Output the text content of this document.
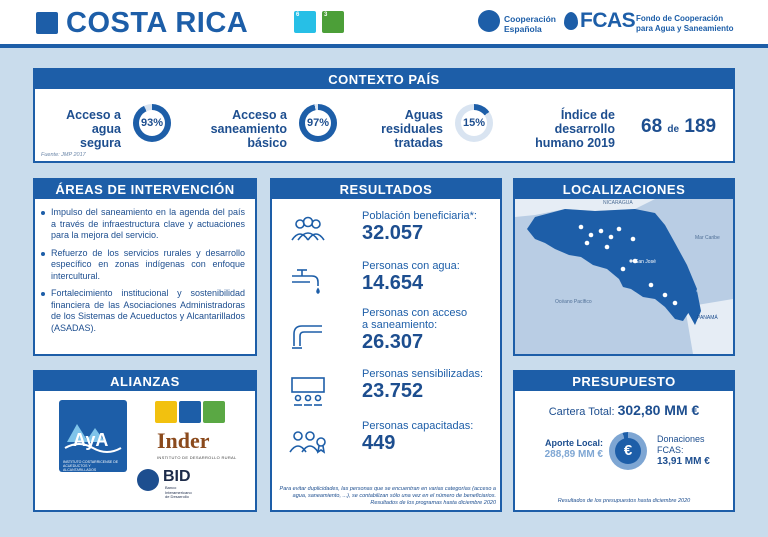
COSTA RICA	6	3	Cooperación
Española	FCAS Fondo de Cooperación
para Agua y Saneamiento
CONTEXTO PAÍS
Acceso a
agua
segura
93%
Acceso a
saneamiento
básico
97%
Aguas
residuales
tratadas
15%
Índice de
desarrollo
humano 2019
68 de 189
Fuente: JMP 2017
ÁREAS DE INTERVENCIÓN
Impulso del saneamiento en la agenda del país a través de infraestructura clave y actuaciones para la mejora del servicio.
Refuerzo de los servicios rurales y desarrollo específico en zonas indígenas con enfoque intercultural.
Fortalecimiento institucional y sostenibilidad financiera de las Asociaciones Administradoras de los Sistemas de Acueductos y Alcantarillados (ASADAS).
ALIANZAS
AyA
INSTITUTO COSTARRICENSE DE ACUEDUCTOS Y ALCANTARILLADOS
Inder
INSTITUTO DE DESARROLLO RURAL
BID
Banco
Interamericano
de Desarrollo
RESULTADOS
Población beneficiaria*:
32.057
Personas con agua:
14.654
Personas con acceso
a saneamiento:
26.307
Personas sensibilizadas:
23.752
Personas capacitadas:
449
Para evitar duplicidades, las personas que se encuentran en varias categorías (acceso a agua, saneamiento, ...), se contabilizan sólo una vez en el número de beneficiarios. Resultados de los programas hasta diciembre 2020
LOCALIZACIONES
NICARAGUA
Mar Caribe
Océano Pacífico
PANAMÁ
San José
PRESUPUESTO
Cartera Total: 302,80 MM €
Aporte Local:
288,89 MM €	€
Donaciones
FCAS:
13,91 MM €
Resultados de los presupuestos hasta diciembre 2020
